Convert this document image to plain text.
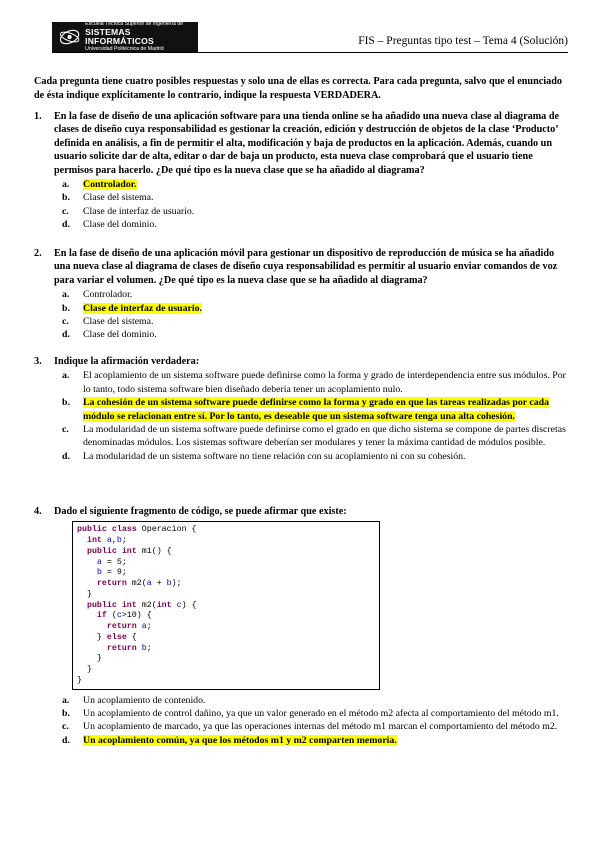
Escuela Técnica Superior de Ingeniería de
SISTEMAS INFORMÁTICOS
Universidad Politécnica de Madrid
FIS – Preguntas tipo test – Tema 4 (Solución)
Cada pregunta tiene cuatro posibles respuestas y solo una de ellas es correcta. Para cada pregunta, salvo que el enunciado de ésta indique explícitamente lo contrario, indique la respuesta VERDADERA.
1.	En la fase de diseño de una aplicación software para una tienda online se ha añadido una nueva clase al diagrama de clases de diseño cuya responsabilidad es gestionar la creación, edición y destrucción de objetos de la clase ‘Producto’ definida en análisis, a fin de permitir el alta, modificación y baja de productos en la aplicación. Además, cuando un usuario solicite dar de alta, editar o dar de baja un producto, esta nueva clase comprobará que el usuario tiene permisos para hacerlo. ¿De qué tipo es la nueva clase que se ha añadido al diagrama?
a.	Controlador.
b.	Clase del sistema.
c.	Clase de interfaz de usuario.
d.	Clase del dominio.
2.	En la fase de diseño de una aplicación móvil para gestionar un dispositivo de reproducción de música se ha añadido una nueva clase al diagrama de clases de diseño cuya responsabilidad es permitir al usuario enviar comandos de voz para variar el volumen. ¿De qué tipo es la nueva clase que se ha añadido al diagrama?
a.	Controlador.
b.	Clase de interfaz de usuario.
c.	Clase del sistema.
d.	Clase del dominio.
3.	Indique la afirmación verdadera:
a.	El acoplamiento de un sistema software puede definirse como la forma y grado de interdependencia entre sus módulos. Por lo tanto, todo sistema software bien diseñado debería tener un acoplamiento nulo.
b.	La cohesión de un sistema software puede definirse como la forma y grado en que las tareas realizadas por cada módulo se relacionan entre sí. Por lo tanto, es deseable que un sistema software tenga una alta cohesión.
c.	La modularidad de un sistema software puede definirse como el grado en que dicho sistema se compone de partes discretas denominadas módulos. Los sistemas software deberían ser modulares y tener la máxima cantidad de módulos posible.
d.	La modularidad de un sistema software no tiene relación con su acoplamiento ni con su cohesión.
4.	Dado el siguiente fragmento de código, se puede afirmar que existe:
public class Operacion {
int a,b;
public int m1() {
a = 5;
b = 9;
return m2(a + b);
}
public int m2(int c) {
if (c>10) {
return a;
} else {
return b;
}
}
}
a.	Un acoplamiento de contenido.
b.	Un acoplamiento de control dañino, ya que un valor generado en el método m2 afecta al comportamiento del método m1.
c.	Un acoplamiento de marcado, ya que las operaciones internas del método m1 marcan el comportamiento del método m2.
d.	Un acoplamiento común, ya que los métodos m1 y m2 comparten memoria.
